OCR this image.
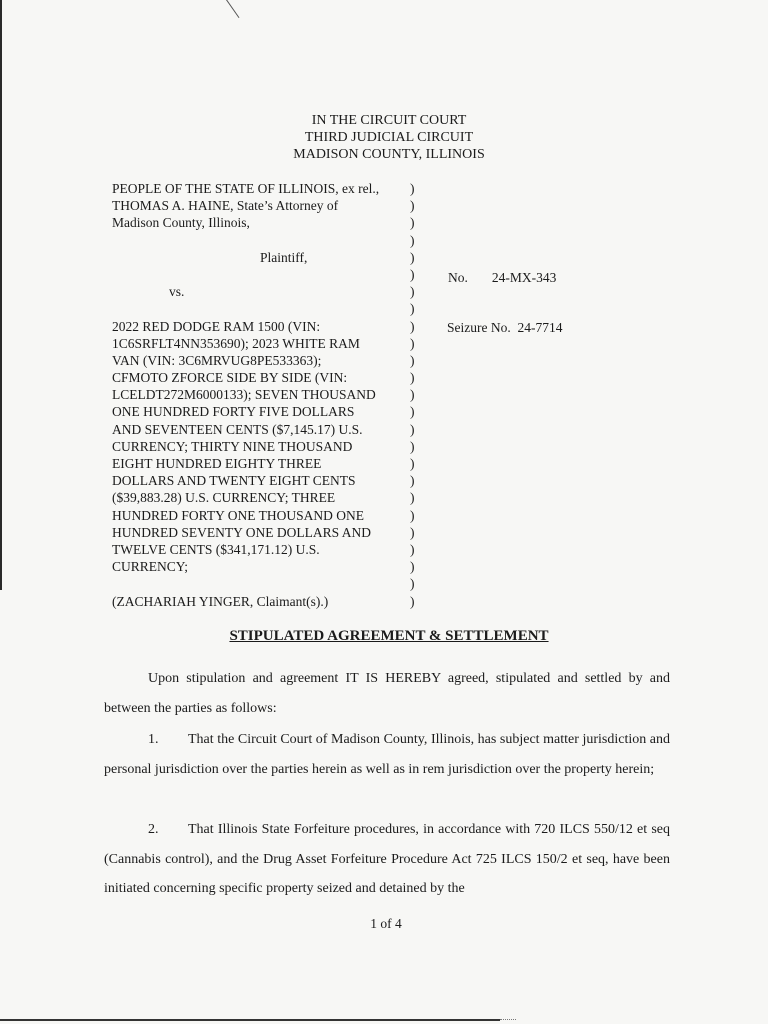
IN THE CIRCUIT COURT
THIRD JUDICIAL CIRCUIT
MADISON COUNTY, ILLINOIS
PEOPLE OF THE STATE OF ILLINOIS, ex rel.,
THOMAS A. HAINE, State’s Attorney of
Madison County, Illinois,
Plaintiff,
vs.
2022 RED DODGE RAM 1500 (VIN:
1C6SRFLT4NN353690); 2023 WHITE RAM
VAN (VIN: 3C6MRVUG8PE533363);
CFMOTO ZFORCE SIDE BY SIDE (VIN:
LCELDT272M6000133); SEVEN THOUSAND
ONE HUNDRED FORTY FIVE DOLLARS
AND SEVENTEEN CENTS ($7,145.17) U.S.
CURRENCY; THIRTY NINE THOUSAND
EIGHT HUNDRED EIGHTY THREE
DOLLARS AND TWENTY EIGHT CENTS
($39,883.28) U.S. CURRENCY; THREE
HUNDRED FORTY ONE THOUSAND ONE
HUNDRED SEVENTY ONE DOLLARS AND
TWELVE CENTS ($341,171.12) U.S.
CURRENCY;
(ZACHARIAH YINGER, Claimant(s).)
)
)
)
)
)
)
)
)
)
)
)
)
)
)
)
)
)
)
)
)
)
)
)
)
)
No. 24-MX-343
Seizure No. 24-7714
STIPULATED AGREEMENT & SETTLEMENT
Upon stipulation and agreement IT IS HEREBY agreed, stipulated and settled by and between the parties as follows:
1. That the Circuit Court of Madison County, Illinois, has subject matter jurisdiction and personal jurisdiction over the parties herein as well as in rem jurisdiction over the property herein;
2. That Illinois State Forfeiture procedures, in accordance with 720 ILCS 550/12 et seq (Cannabis control), and the Drug Asset Forfeiture Procedure Act 725 ILCS 150/2 et seq, have been initiated concerning specific property seized and detained by the
1 of 4
